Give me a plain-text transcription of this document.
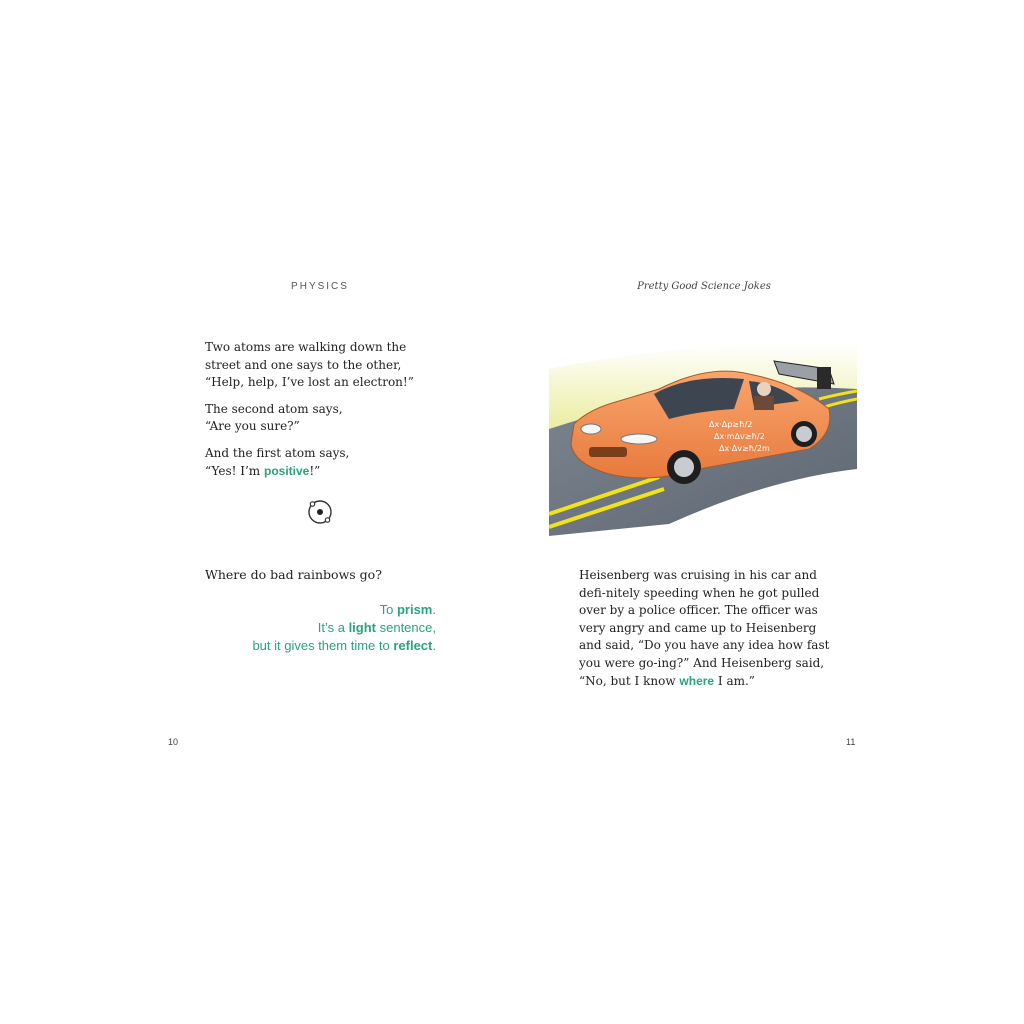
PHYSICS	Pretty Good Science Jokes

Two atoms are walking down the
street and one says to the other,
“Help, help, I’ve lost an electron!”

The second atom says,
“Are you sure?”

And the first atom says,
“Yes! I’m positive!”

Where do bad rainbows go?
To prism.
It’s a light sentence,
but it gives them time to reflect.
Δx·Δp≥ħ/2
Δx·mΔv≥ħ/2
Δx·Δv≥ħ/2m
Heisenberg was cruising in his car and defi-nitely speeding when he got pulled over by a police officer. The officer was very angry and came up to Heisenberg and said, “Do you have any idea how fast you were go-ing?” And Heisenberg said, “No, but I know where I am.”
10	11
